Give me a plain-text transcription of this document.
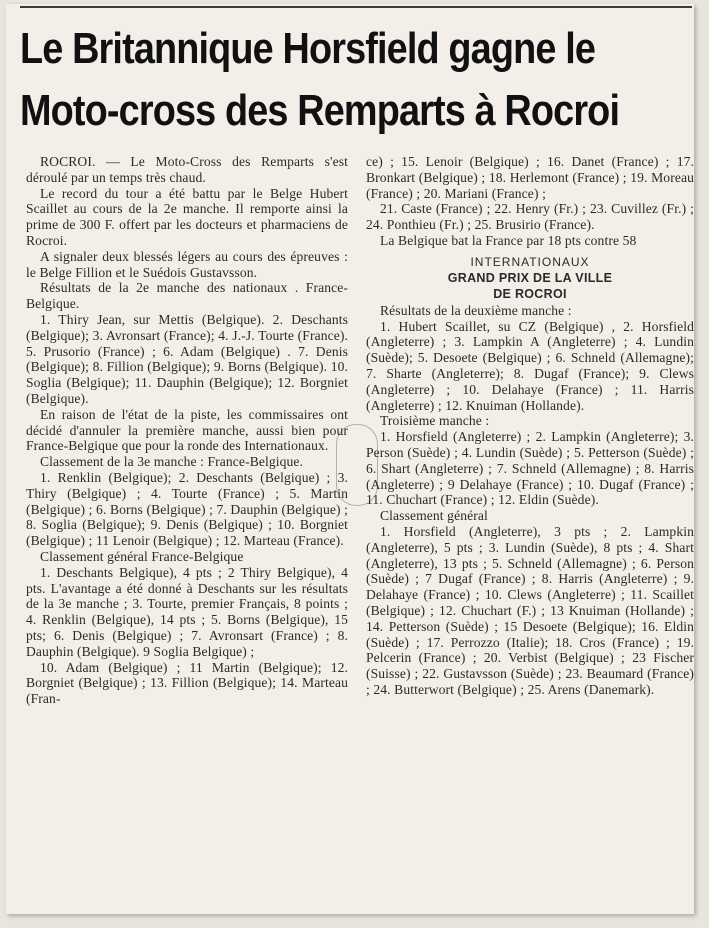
Le Britannique Horsfield gagne le
Moto-cross des Remparts à Rocroi

ROCROI. — Le Moto-Cross des Remparts s'est déroulé par un temps très chaud.

Le record du tour a été battu par le Belge Hubert Scaillet au cours de la 2e manche. Il remporte ainsi la prime de 300 F. offert par les docteurs et pharmaciens de Rocroi.

A signaler deux blessés légers au cours des épreuves : le Belge Fillion et le Suédois Gustavsson.

Résultats de la 2e manche des nationaux . France-Belgique.

1. Thiry Jean, sur Mettis (Belgique). 2. Deschants (Belgique); 3. Avronsart (France); 4. J.-J. Tourte (France). 5. Prusorio (France) ; 6. Adam (Belgique) . 7. Denis (Belgique); 8. Fillion (Belgique); 9. Borns (Belgique). 10. Soglia (Belgique); 11. Dauphin (Belgique); 12. Borgniet (Belgique).

En raison de l'état de la piste, les commissaires ont décidé d'annuler la première manche, aussi bien pour France-Belgique que pour la ronde des Internationaux.

Classement de la 3e manche : France-Belgique.

1. Renklin (Belgique); 2. Deschants (Belgique) ; 3. Thiry (Belgique) ; 4. Tourte (France) ; 5. Martin (Belgique) ; 6. Borns (Belgique) ; 7. Dauphin (Belgique) ; 8. Soglia (Belgique); 9. Denis (Belgique) ; 10. Borgniet (Belgique) ; 11 Lenoir (Belgique) ; 12. Marteau (France).

Classement général France-Belgique

1. Deschants Belgique), 4 pts ; 2 Thiry Belgique), 4 pts. L'avantage a été donné à Deschants sur les résultats de la 3e manche ; 3. Tourte, premier Français, 8 points ; 4. Renklin (Belgique), 14 pts ; 5. Borns (Belgique), 15 pts; 6. Denis (Belgique) ; 7. Avronsart (France) ; 8. Dauphin (Belgique). 9 Soglia Belgique) ;

10. Adam (Belgique) ; 11 Martin (Belgique); 12. Borgniet (Belgique) ; 13. Fillion (Belgique); 14. Marteau (Fran-

ce) ; 15. Lenoir (Belgique) ; 16. Danet (France) ; 17. Bronkart (Belgique) ; 18. Herlemont (France) ; 19. Moreau (France) ; 20. Mariani (France) ;

21. Caste (France) ; 22. Henry (Fr.) ; 23. Cuvillez (Fr.) ; 24. Ponthieu (Fr.) ; 25. Brusirio (France).

La Belgique bat la France par 18 pts contre 58

INTERNATIONAUX
GRAND PRIX DE LA VILLE
DE ROCROI

Résultats de la deuxième manche :

1. Hubert Scaillet, su CZ (Belgique) , 2. Horsfield (Angleterre) ; 3. Lampkin A (Angleterre) ; 4. Lundin (Suède); 5. Desoete (Belgique) ; 6. Schneld (Allemagne); 7. Sharte (Angleterre); 8. Dugaf (France); 9. Clews (Angleterre) ; 10. Delahaye (France) ; 11. Harris (Angleterre) ; 12. Knuiman (Hollande).

Troisième manche :

1. Horsfield (Angleterre) ; 2. Lampkin (Angleterre); 3. Person (Suède) ; 4. Lundin (Suède) ; 5. Petterson (Suède) ; 6. Shart (Angleterre) ; 7. Schneld (Allemagne) ; 8. Harris (Angleterre) ; 9 Delahaye (France) ; 10. Dugaf (France) ; 11. Chuchart (France) ; 12. Eldin (Suède).

Classement général

1. Horsfield (Angleterre), 3 pts ; 2. Lampkin (Angleterre), 5 pts ; 3. Lundin (Suède), 8 pts ; 4. Shart (Angleterre), 13 pts ; 5. Schneld (Allemagne) ; 6. Person (Suède) ; 7 Dugaf (France) ; 8. Harris (Angleterre) ; 9. Delahaye (France) ; 10. Clews (Angleterre) ; 11. Scaillet (Belgique) ; 12. Chuchart (F.) ; 13 Knuiman (Hollande) ; 14. Petterson (Suède) ; 15 Desoete (Belgique); 16. Eldin (Suède) ; 17. Perrozzo (Italie); 18. Cros (France) ; 19. Pelcerin (France) ; 20. Verbist (Belgique) ; 23 Fischer (Suisse) ; 22. Gustavsson (Suède) ; 23. Beaumard (France) ; 24. Butterwort (Belgique) ; 25. Arens (Danemark).
